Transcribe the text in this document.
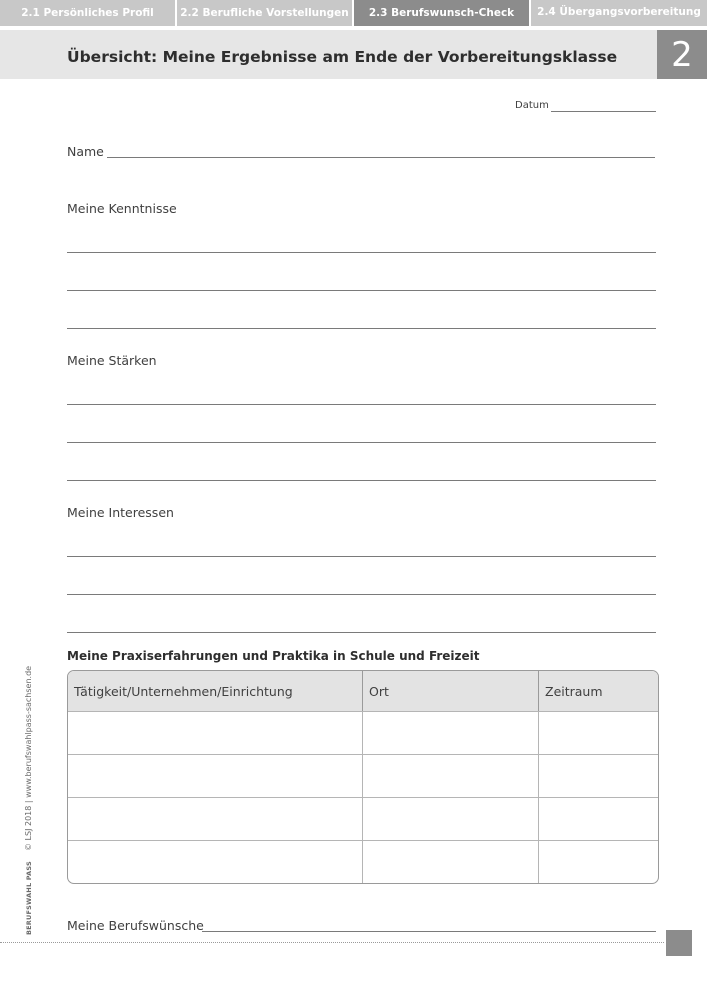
2.1 Persönliches Profil	2.2 Berufliche Vorstellungen	2.3 Berufswunsch-Check	2.4 Übergangsvorbereitung
Übersicht: Meine Ergebnisse am Ende der Vorbereitungsklasse	2
Datum
Name
Meine Kenntnisse
Meine Stärken
Meine Interessen
Meine Praxiserfahrungen und Praktika in Schule und Freizeit
Tätigkeit/Unternehmen/Einrichtung	Ort	Zeitraum

Meine Berufswünsche
BERUFSWAHL PASS    © LSJ 2018 | www.berufswahlpass-sachsen.de
